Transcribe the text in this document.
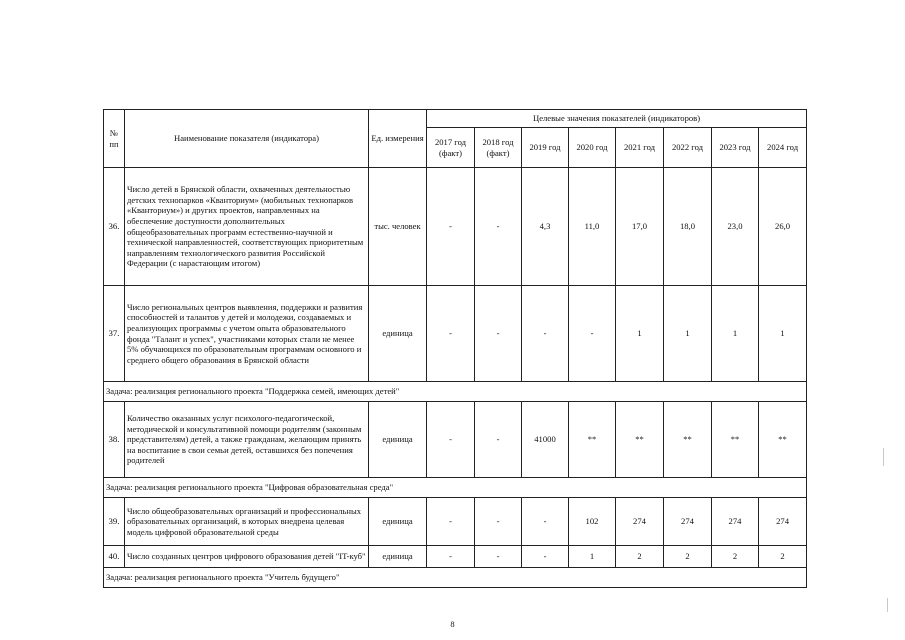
№ пп	Наименование показателя (индикатора)	Ед. измерения	Целевые значения показателей (индикаторов)							
			2017 год (факт)	2018 год (факт)	2019 год	2020 год	2021 год	2022 год	2023 год	2024 год
36.	Число детей в Брянской области, охваченных деятельностью детских технопарков «Кванториум» (мобильных технопарков «Кванториум») и других проектов, направленных на обеспечение доступности дополнительных общеобразовательных программ естественно-научной и технической направленностей, соответствующих приоритетным направлениям технологического развития Российской Федерации (с нарастающим итогом)	тыс. человек	-	-	4,3	11,0	17,0	18,0	23,0	26,0
37.	Число региональных центров выявления, поддержки и развития способностей и талантов у детей и молодежи, создаваемых и реализующих программы с учетом опыта образовательного фонда "Талант и успех", участниками которых стали не менее 5% обучающихся по образовательным программам основного и среднего общего образования в Брянской области	единица	-	-	-	-	1	1	1	1
Задача: реализация регионального проекта "Поддержка семей, имеющих детей"										
38.	Количество оказанных услуг психолого-педагогической, методической и консультативной помощи родителям (законным представителям) детей, а также гражданам, желающим принять на воспитание в свои семьи детей, оставшихся без попечения родителей	единица	-	-	41000	**	**	**	**	**
Задача: реализация регионального проекта "Цифровая образовательная среда"										
39.	Число общеобразовательных организаций и профессиональных образовательных организаций, в которых внедрена целевая модель цифровой образовательной среды	единица	-	-	-	102	274	274	274	274
40.	Число созданных центров цифрового образования детей "IT-куб"	единица	-	-	-	1	2	2	2	2
Задача: реализация регионального проекта "Учитель будущего"										
8
